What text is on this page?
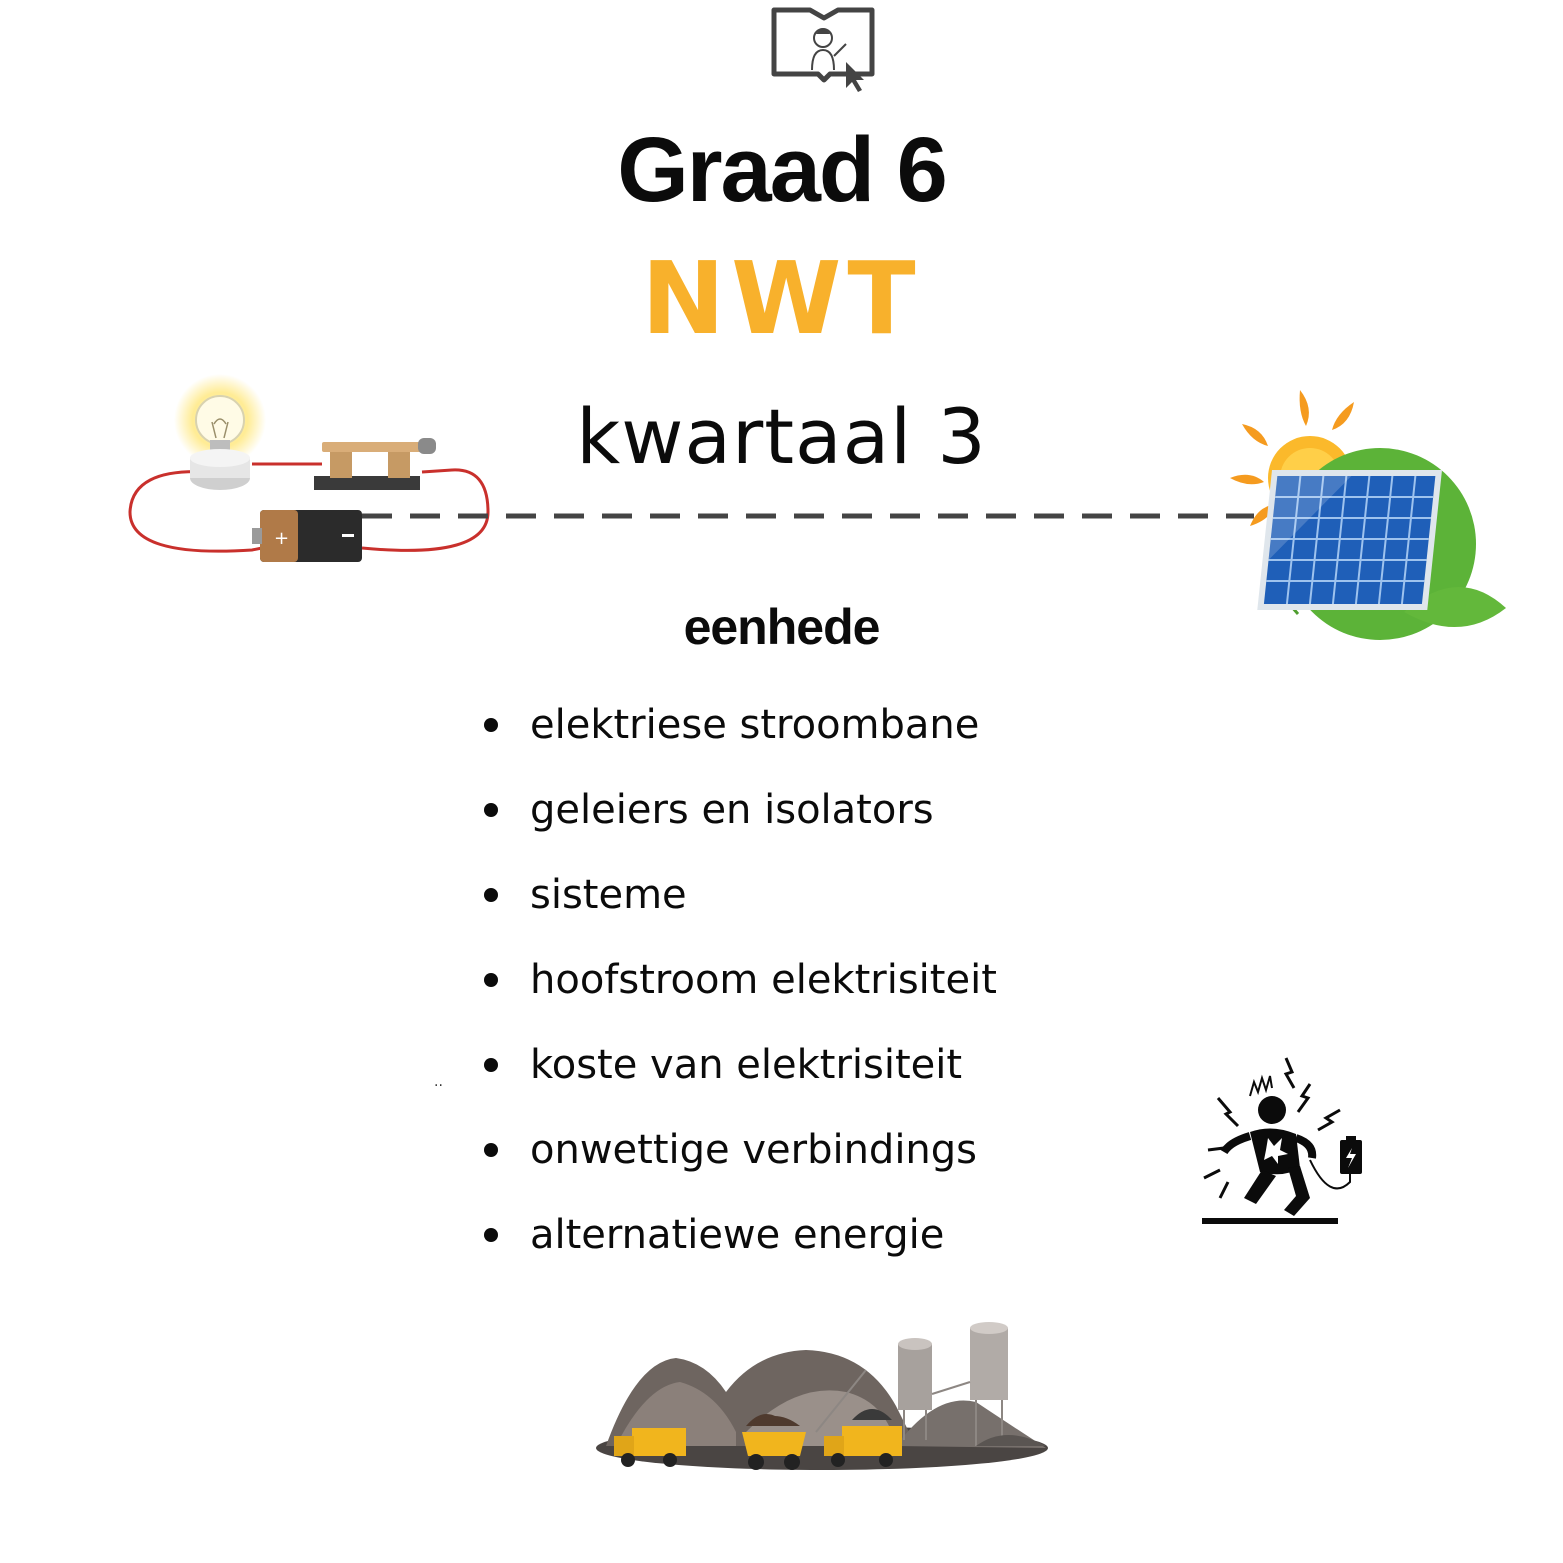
Graad 6
NWT
kwartaal 3
+
eenhede
elektriese stroombane
geleiers en isolators
sisteme
hoofstroom elektrisiteit
koste van elektrisiteit
onwettige verbindings
alternatiewe energie
..
